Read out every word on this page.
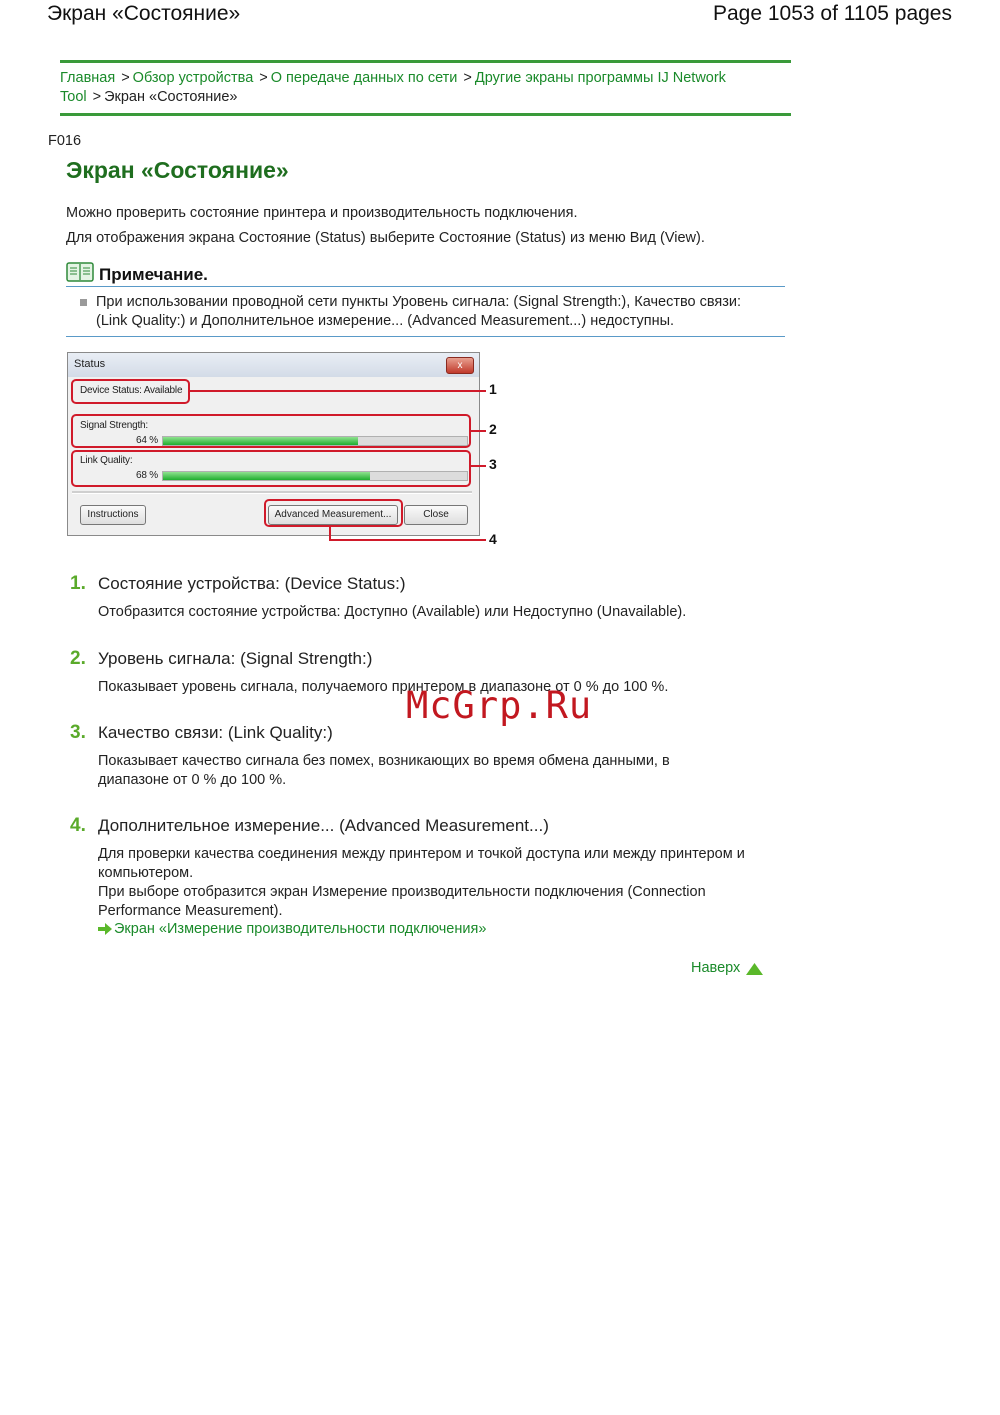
Экран «Состояние»	Page 1053 of 1105 pages
Главная > Обзор устройства > О передаче данных по сети > Другие экраны программы IJ Network Tool > Экран «Состояние»
F016
Экран «Состояние»
Можно проверить состояние принтера и производительность подключения.
Для отображения экрана Состояние (Status) выберите Состояние (Status) из меню Вид (View).
Примечание.
При использовании проводной сети пункты Уровень сигнала: (Signal Strength:), Качество связи: (Link Quality:) и Дополнительное измерение... (Advanced Measurement...) недоступны.
Status	x
Device Status: Available
Signal Strength:
64 %
Link Quality:
68 %
Instructions	Advanced Measurement...	Close
1
2
3
4
1. Состояние устройства: (Device Status:)
Отобразится состояние устройства: Доступно (Available) или Недоступно (Unavailable).
2. Уровень сигнала: (Signal Strength:)
Показывает уровень сигнала, получаемого принтером в диапазоне от 0 % до 100 %.
3. Качество связи: (Link Quality:)
Показывает качество сигнала без помех, возникающих во время обмена данными, в диапазоне от 0 % до 100 %.
4. Дополнительное измерение... (Advanced Measurement...)
Для проверки качества соединения между принтером и точкой доступа или между принтером и компьютером.
При выборе отобразится экран Измерение производительности подключения (Connection Performance Measurement).
Экран «Измерение производительности подключения»
Наверх
McGrp.Ru
